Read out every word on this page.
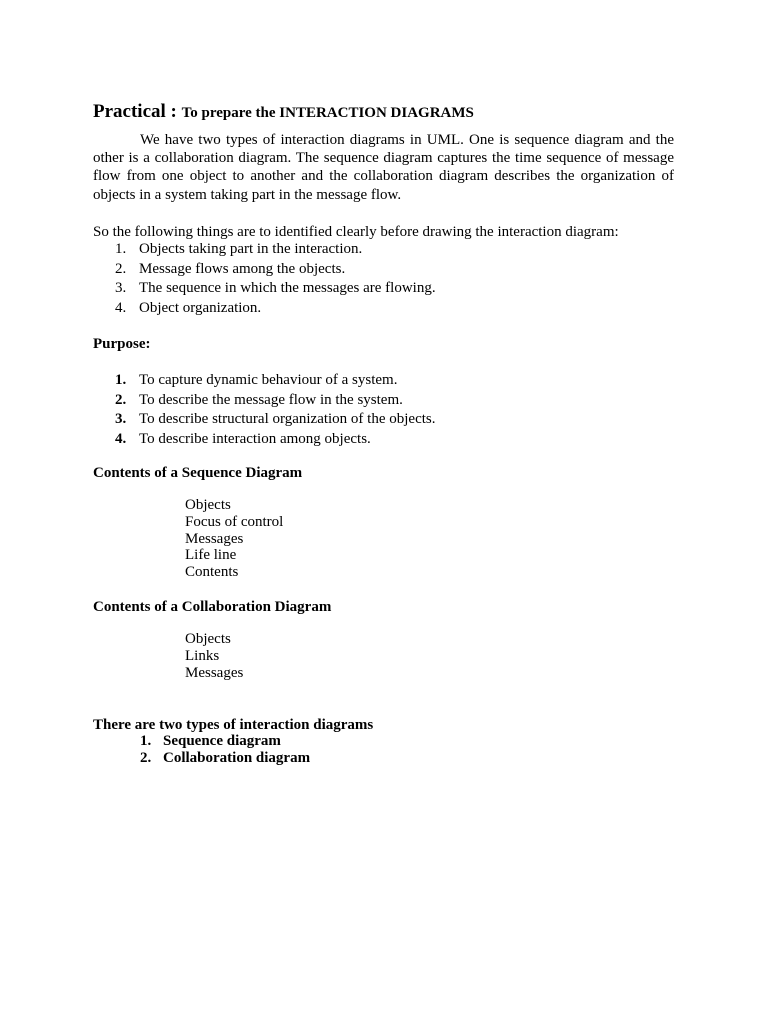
Practical : To prepare the INTERACTION DIAGRAMS

We have two types of interaction diagrams in UML. One is sequence diagram and the other is a collaboration diagram. The sequence diagram captures the time sequence of message flow from one object to another and the collaboration diagram describes the organization of objects in a system taking part in the message flow.

So the following things are to identified clearly before drawing the interaction diagram:

1. Objects taking part in the interaction.
2. Message flows among the objects.
3. The sequence in which the messages are flowing.
4. Object organization.
Purpose:
1. To capture dynamic behaviour of a system.
2. To describe the message flow in the system.
3. To describe structural organization of the objects.
4. To describe interaction among objects.
Contents of a Sequence Diagram
Objects
Focus of control
Messages
Life line
Contents
Contents of a Collaboration Diagram
Objects
Links
Messages
There are two types of interaction diagrams
1. Sequence diagram
2. Collaboration diagram
